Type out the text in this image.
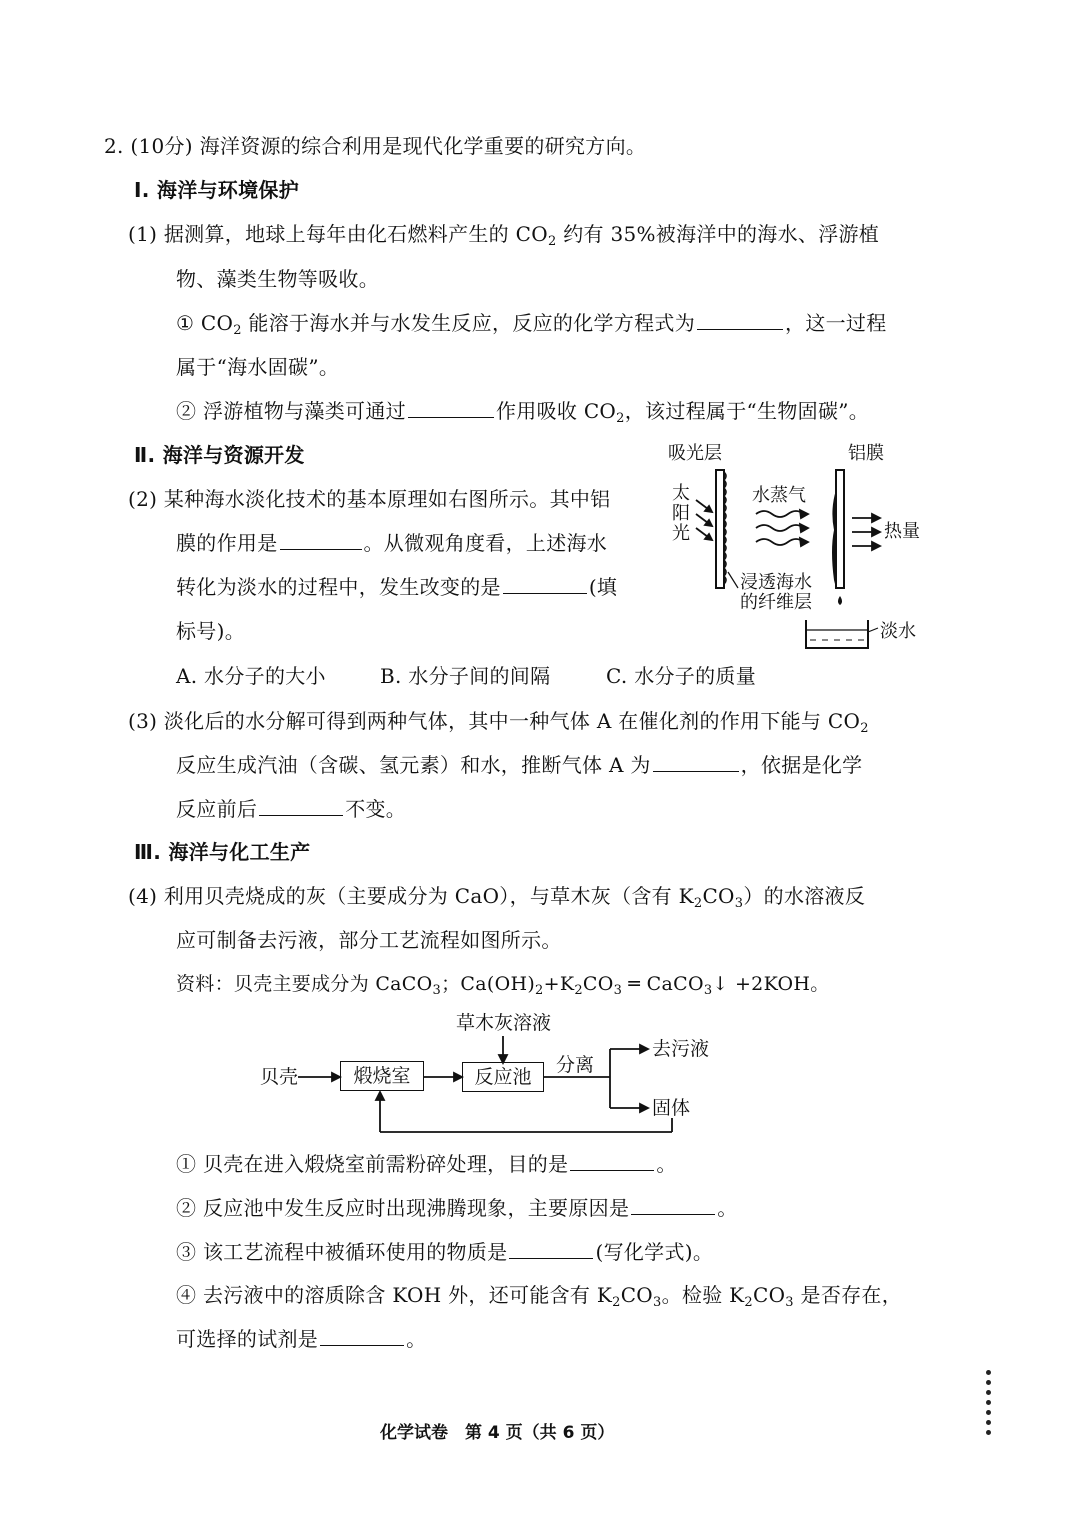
2. (10分) 海洋资源的综合利用是现代化学重要的研究方向。
Ⅰ. 海洋与环境保护
(1) 据测算，地球上每年由化石燃料产生的 $CO_2$ 约有 35%被海洋中的海水、浮游植
物、藻类生物等吸收。
① $CO_2$ 能溶于海水并与水发生反应，反应的化学方程式为	，这一过程
属于“海水固碳”。
② 浮游植物与藻类可通过	作用吸收 $CO_2$，该过程属于“生物固碳”。
Ⅱ. 海洋与资源开发
(2) 某种海水淡化技术的基本原理如右图所示。其中铝
膜的作用是	。从微观角度看，上述海水
转化为淡水的过程中，发生改变的是	(填
标号)。
A. 水分子的大小	B. 水分子间的间隔	C. 水分子的质量
吸光层	铝膜
太
阳
光
水蒸气
热量
浸透海水
的纤维层
淡水
(3) 淡化后的水分解可得到两种气体，其中一种气体 A 在催化剂的作用下能与 $CO_2$
反应生成汽油（含碳、氢元素）和水，推断气体 A 为	，依据是化学
反应前后	不变。
Ⅲ. 海洋与化工生产
(4) 利用贝壳烧成的灰（主要成分为 CaO），与草木灰（含有 $K_2CO_3$）的水溶液反
应可制备去污液，部分工艺流程如图所示。
资料：贝壳主要成分为 CaCO$_3$；$Ca(OH)_2+K_2CO_3$ ═ CaCO$_3$↓ +2KOH。
贝壳	煅烧室	反应池
草木灰溶液
分离
去污液
固体
① 贝壳在进入煅烧室前需粉碎处理，目的是	。
② 反应池中发生反应时出现沸腾现象，主要原因是	。
③ 该工艺流程中被循环使用的物质是	(写化学式)。
④ 去污液中的溶质除含 KOH 外，还可能含有 $K_2CO_3$。检验 $K_2CO_3$ 是否存在，
可选择的试剂是	。
化学试卷　第 4 页（共 6 页）
